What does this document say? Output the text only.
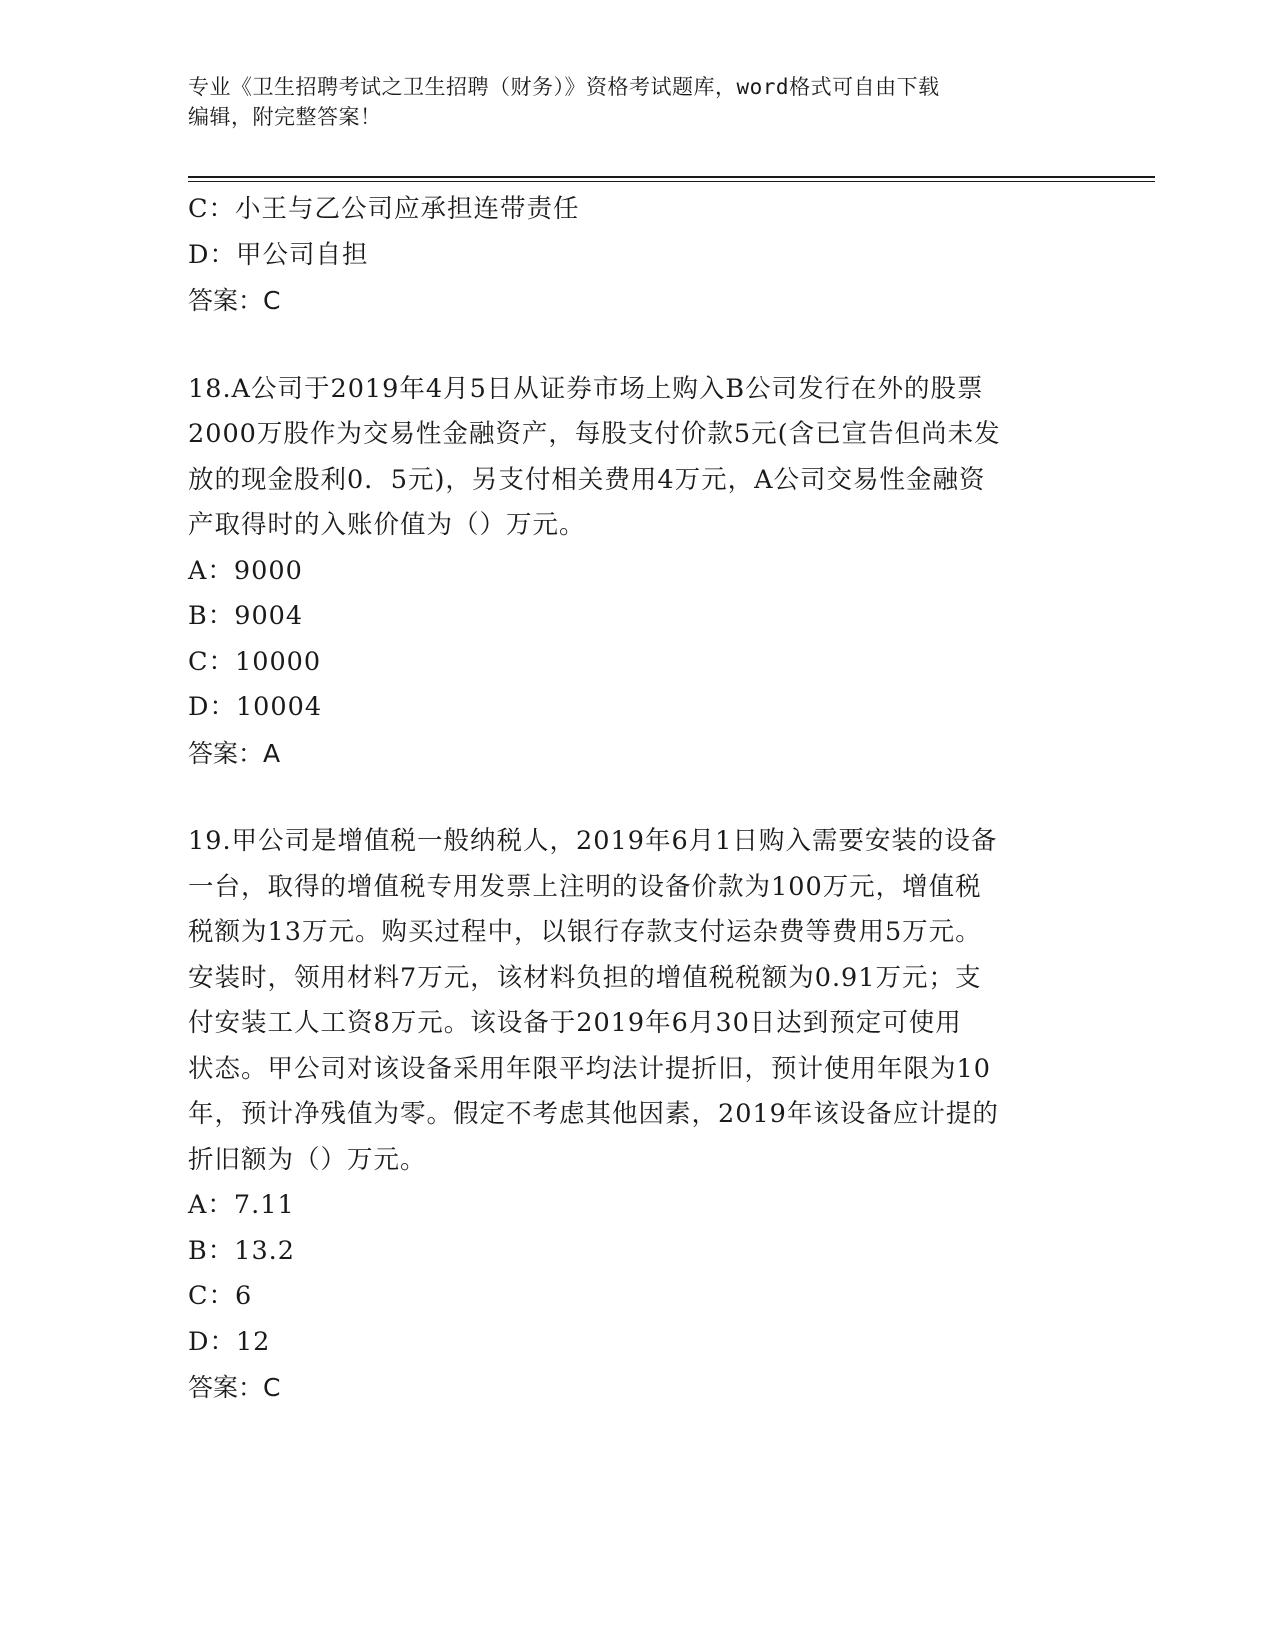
专业《卫生招聘考试之卫生招聘（财务）》资格考试题库，word格式可自由下载
编辑，附完整答案！
C：小王与乙公司应承担连带责任
D：甲公司自担
答案：C
18.A公司于2019年4月5日从证券市场上购入B公司发行在外的股票
2000万股作为交易性金融资产，每股支付价款5元(含已宣告但尚未发
放的现金股利0．5元)，另支付相关费用4万元，A公司交易性金融资
产取得时的入账价值为（）万元。
A：9000
B：9004
C：10000
D：10004
答案：A
19.甲公司是增值税一般纳税人，2019年6月1日购入需要安装的设备
一台，取得的增值税专用发票上注明的设备价款为100万元，增值税
税额为13万元。购买过程中，以银行存款支付运杂费等费用5万元。
安装时，领用材料7万元，该材料负担的增值税税额为0.91万元；支
付安装工人工资8万元。该设备于2019年6月30日达到预定可使用
状态。甲公司对该设备采用年限平均法计提折旧，预计使用年限为10
年，预计净残值为零。假定不考虑其他因素，2019年该设备应计提的
折旧额为（）万元。
A：7.11
B：13.2
C：6
D：12
答案：C
